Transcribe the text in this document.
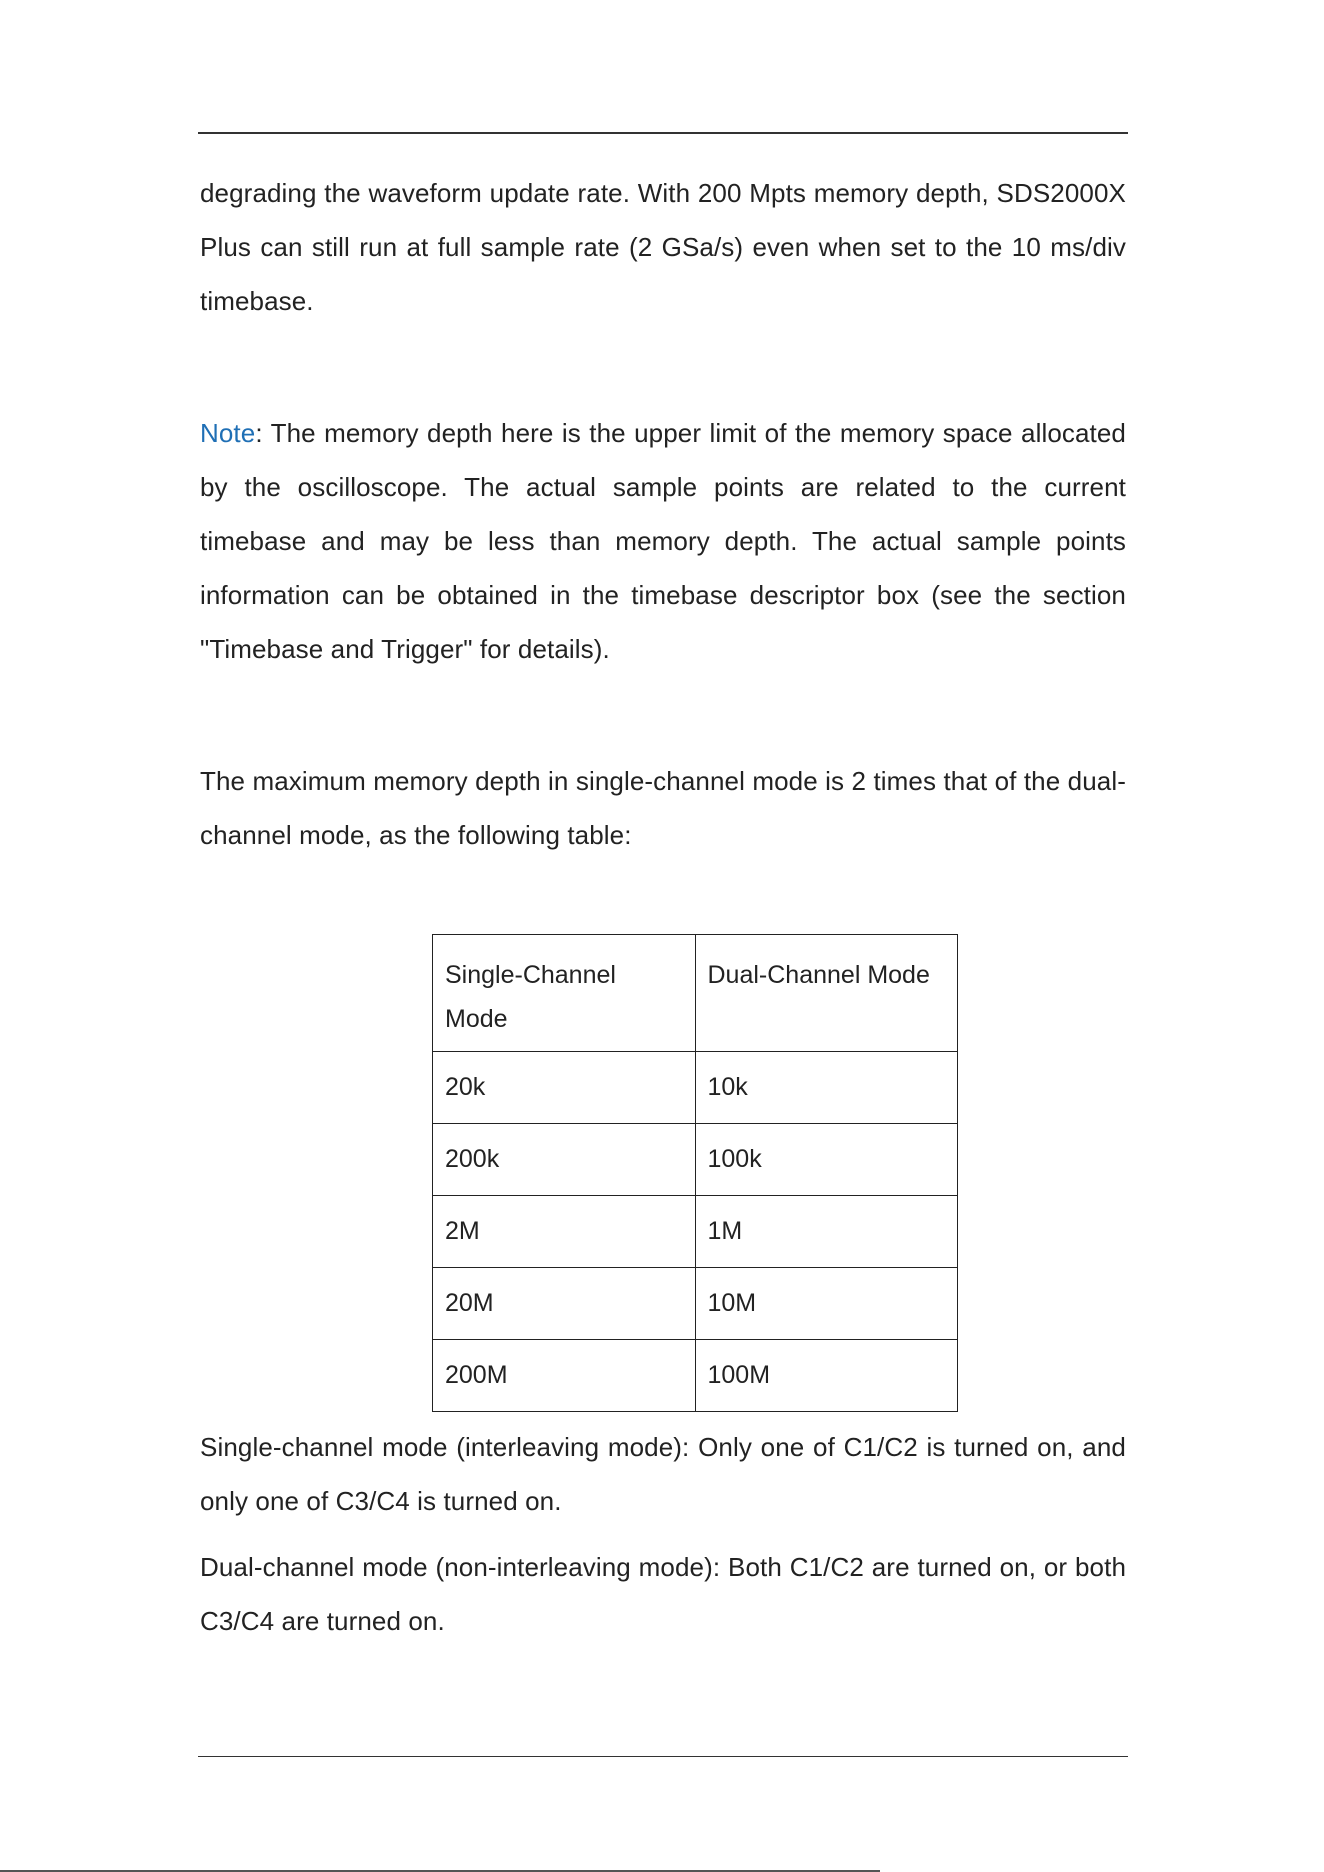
degrading the waveform update rate. With 200 Mpts memory depth, SDS2000X Plus can still run at full sample rate (2 GSa/s) even when set to the 10 ms/div timebase.

Note: The memory depth here is the upper limit of the memory space allocated by the oscilloscope. The actual sample points are related to the current timebase and may be less than memory depth. The actual sample points information can be obtained in the timebase descriptor box (see the section "Timebase and Trigger" for details).

The maximum memory depth in single-channel mode is 2 times that of the dual-channel mode, as the following table:

Single-Channel Mode	Dual-Channel Mode
20k	10k
200k	100k
2M	1M
20M	10M
200M	100M

Single-channel mode (interleaving mode): Only one of C1/C2 is turned on, and only one of C3/C4 is turned on.

Dual-channel mode (non-interleaving mode): Both C1/C2 are turned on, or both C3/C4 are turned on.
